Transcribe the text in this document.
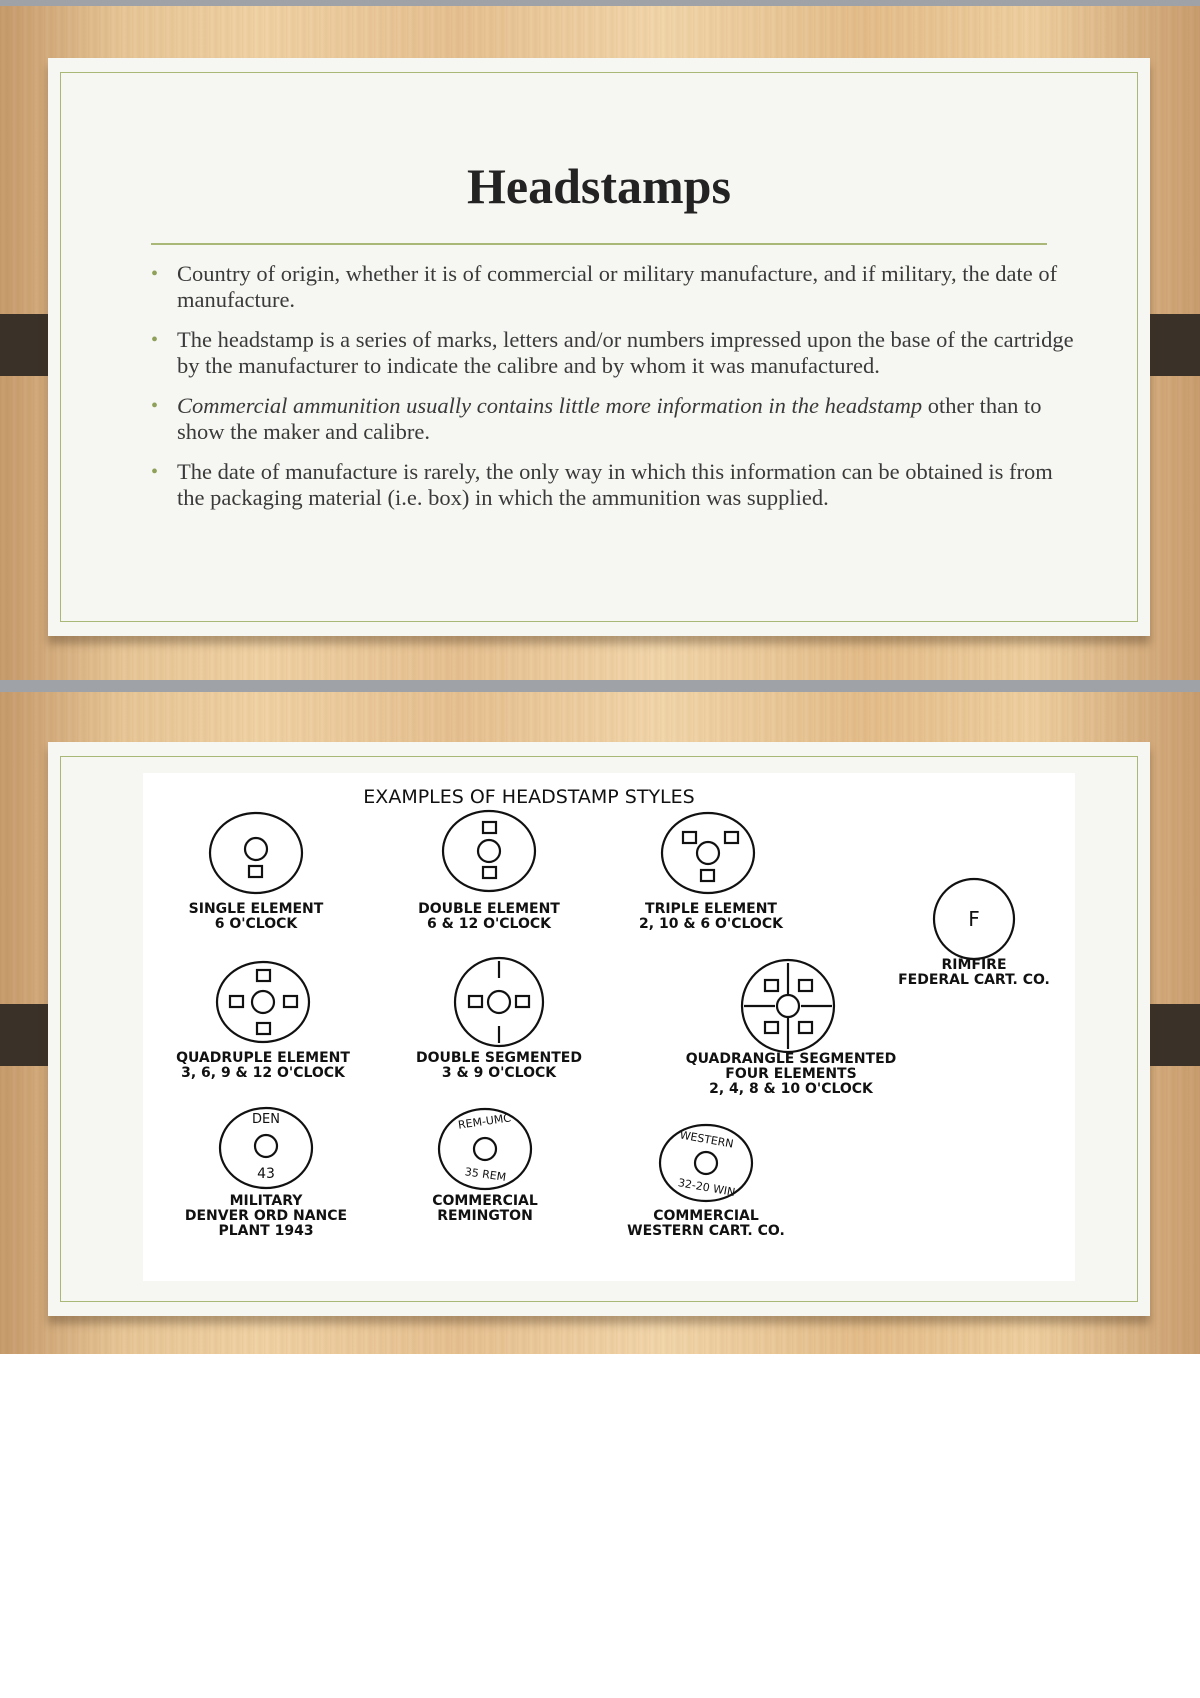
Headstamps
• Country of origin, whether it is of commercial or military manufacture, and if military, the date of manufacture.
• The headstamp is a series of marks, letters and/or numbers impressed upon the base of the cartridge by the manufacturer to indicate the calibre and by whom it was manufactured.
• Commercial ammunition usually contains little more information in the headstamp other than to show the maker and calibre.
• The date of manufacture is rarely, the only way in which this information can be obtained is from the packaging material (i.e. box) in which the ammunition was supplied.
EXAMPLES OF HEADSTAMP STYLES
F
DEN
43
REM-UMC
35 REM
WESTERN
32-20 WIN
SINGLE ELEMENT
6 O'CLOCK
DOUBLE ELEMENT
6 & 12 O'CLOCK
TRIPLE ELEMENT
2, 10 & 6 O'CLOCK
RIMFIRE
FEDERAL CART. CO.
QUADRUPLE ELEMENT
3, 6, 9 & 12 O'CLOCK
DOUBLE SEGMENTED
3 & 9 O'CLOCK
QUADRANGLE SEGMENTED
FOUR ELEMENTS
2, 4, 8 & 10 O'CLOCK
MILITARY
DENVER ORD NANCE
PLANT 1943
COMMERCIAL
REMINGTON	COMMERCIAL
WESTERN CART. CO.
